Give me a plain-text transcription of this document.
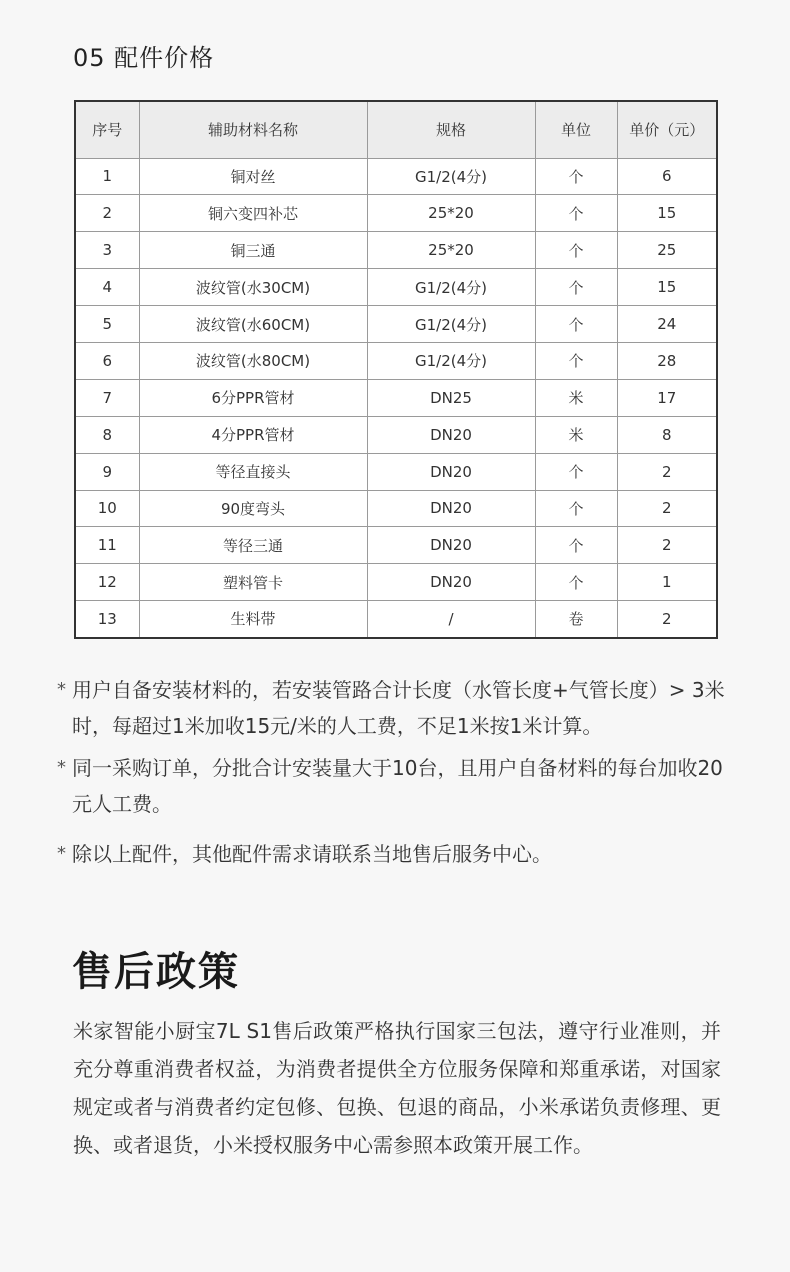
05 配件价格
序号	辅助材料名称	规格	单位	单价（元）
1	铜对丝	G1/2(4分)	个	6
2	铜六变四补芯	25*20	个	15
3	铜三通	25*20	个	25
4	波纹管(水30CM)	G1/2(4分)	个	15
5	波纹管(水60CM)	G1/2(4分)	个	24
6	波纹管(水80CM)	G1/2(4分)	个	28
7	6分PPR管材	DN25	米	17
8	4分PPR管材	DN20	米	8
9	等径直接头	DN20	个	2
10	90度弯头	DN20	个	2
11	等径三通	DN20	个	2
12	塑料管卡	DN20	个	1
13	生料带	/	卷	2
* 用户自备安装材料的，若安装管路合计长度（水管长度+气管长度）> 3米时，每超过1米加收15元/米的人工费，不足1米按1米计算。
* 同一采购订单，分批合计安装量大于10台，且用户自备材料的每台加收20元人工费。
* 除以上配件，其他配件需求请联系当地售后服务中心。
售后政策
米家智能小厨宝7L S1售后政策严格执行国家三包法，遵守行业准则，并充分尊重消费者权益，为消费者提供全方位服务保障和郑重承诺，对国家规定或者与消费者约定包修、包换、包退的商品，小米承诺负责修理、更换、或者退货，小米授权服务中心需参照本政策开展工作。
